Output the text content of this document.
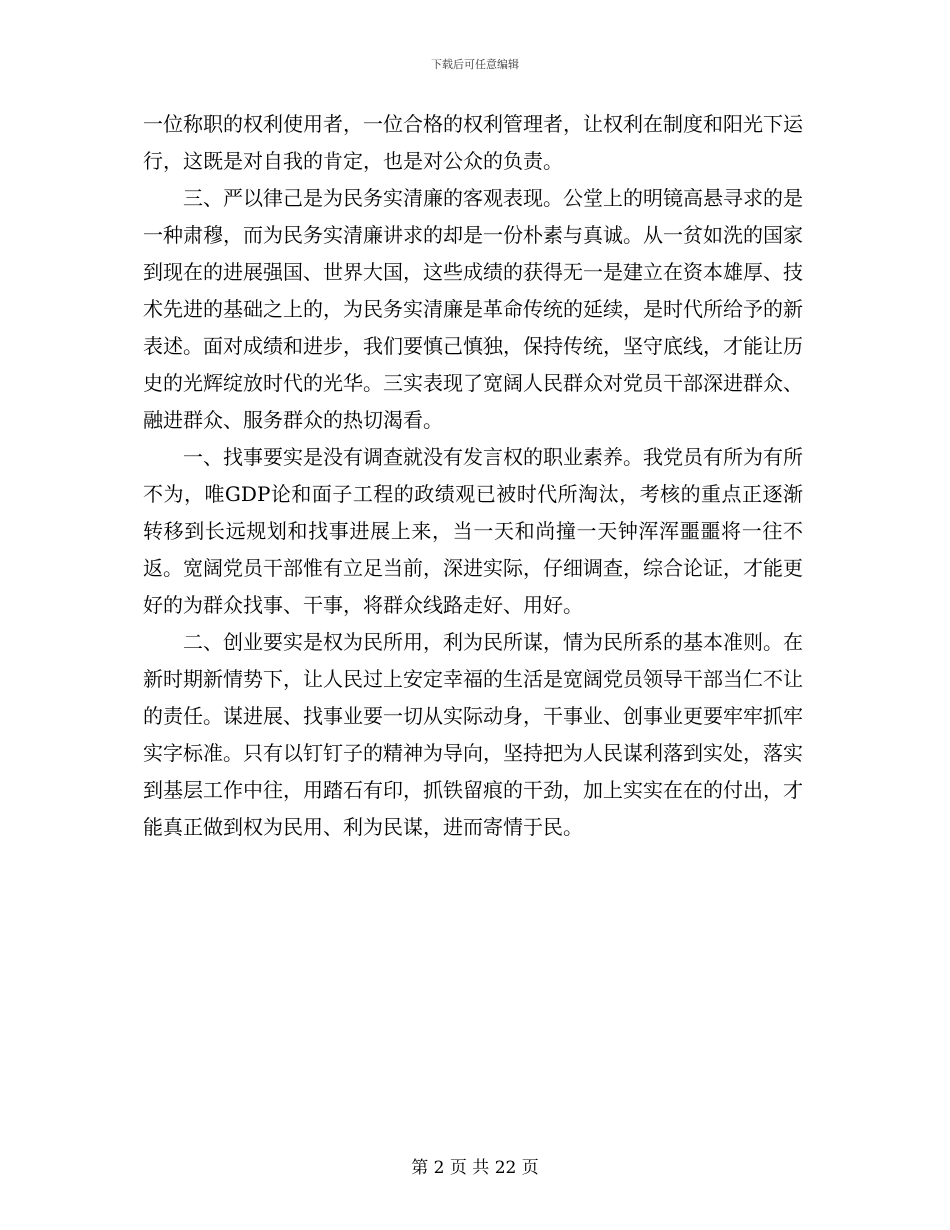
下载后可任意编辑

一位称职的权利使用者，一位合格的权利管理者，让权利在制度和阳光下运行，这既是对自我的肯定，也是对公众的负责。

三、严以律己是为民务实清廉的客观表现。公堂上的明镜高悬寻求的是一种肃穆，而为民务实清廉讲求的却是一份朴素与真诚。从一贫如洗的国家到现在的进展强国、世界大国，这些成绩的获得无一是建立在资本雄厚、技术先进的基础之上的，为民务实清廉是革命传统的延续，是时代所给予的新表述。面对成绩和进步，我们要慎己慎独，保持传统，坚守底线，才能让历史的光辉绽放时代的光华。三实表现了宽阔人民群众对党员干部深进群众、融进群众、服务群众的热切渴看。

一、找事要实是没有调查就没有发言权的职业素养。我党员有所为有所不为，唯GDP论和面子工程的政绩观已被时代所淘汰，考核的重点正逐渐转移到长远规划和找事进展上来，当一天和尚撞一天钟浑浑噩噩将一往不返。宽阔党员干部惟有立足当前，深进实际，仔细调查，综合论证，才能更好的为群众找事、干事，将群众线路走好、用好。

二、创业要实是权为民所用，利为民所谋，情为民所系的基本准则。在新时期新情势下，让人民过上安定幸福的生活是宽阔党员领导干部当仁不让的责任。谋进展、找事业要一切从实际动身，干事业、创事业更要牢牢抓牢实字标准。只有以钉钉子的精神为导向，坚持把为人民谋利落到实处，落实到基层工作中往，用踏石有印，抓铁留痕的干劲，加上实实在在的付出，才能真正做到权为民用、利为民谋，进而寄情于民。

第 2 页 共 22 页
